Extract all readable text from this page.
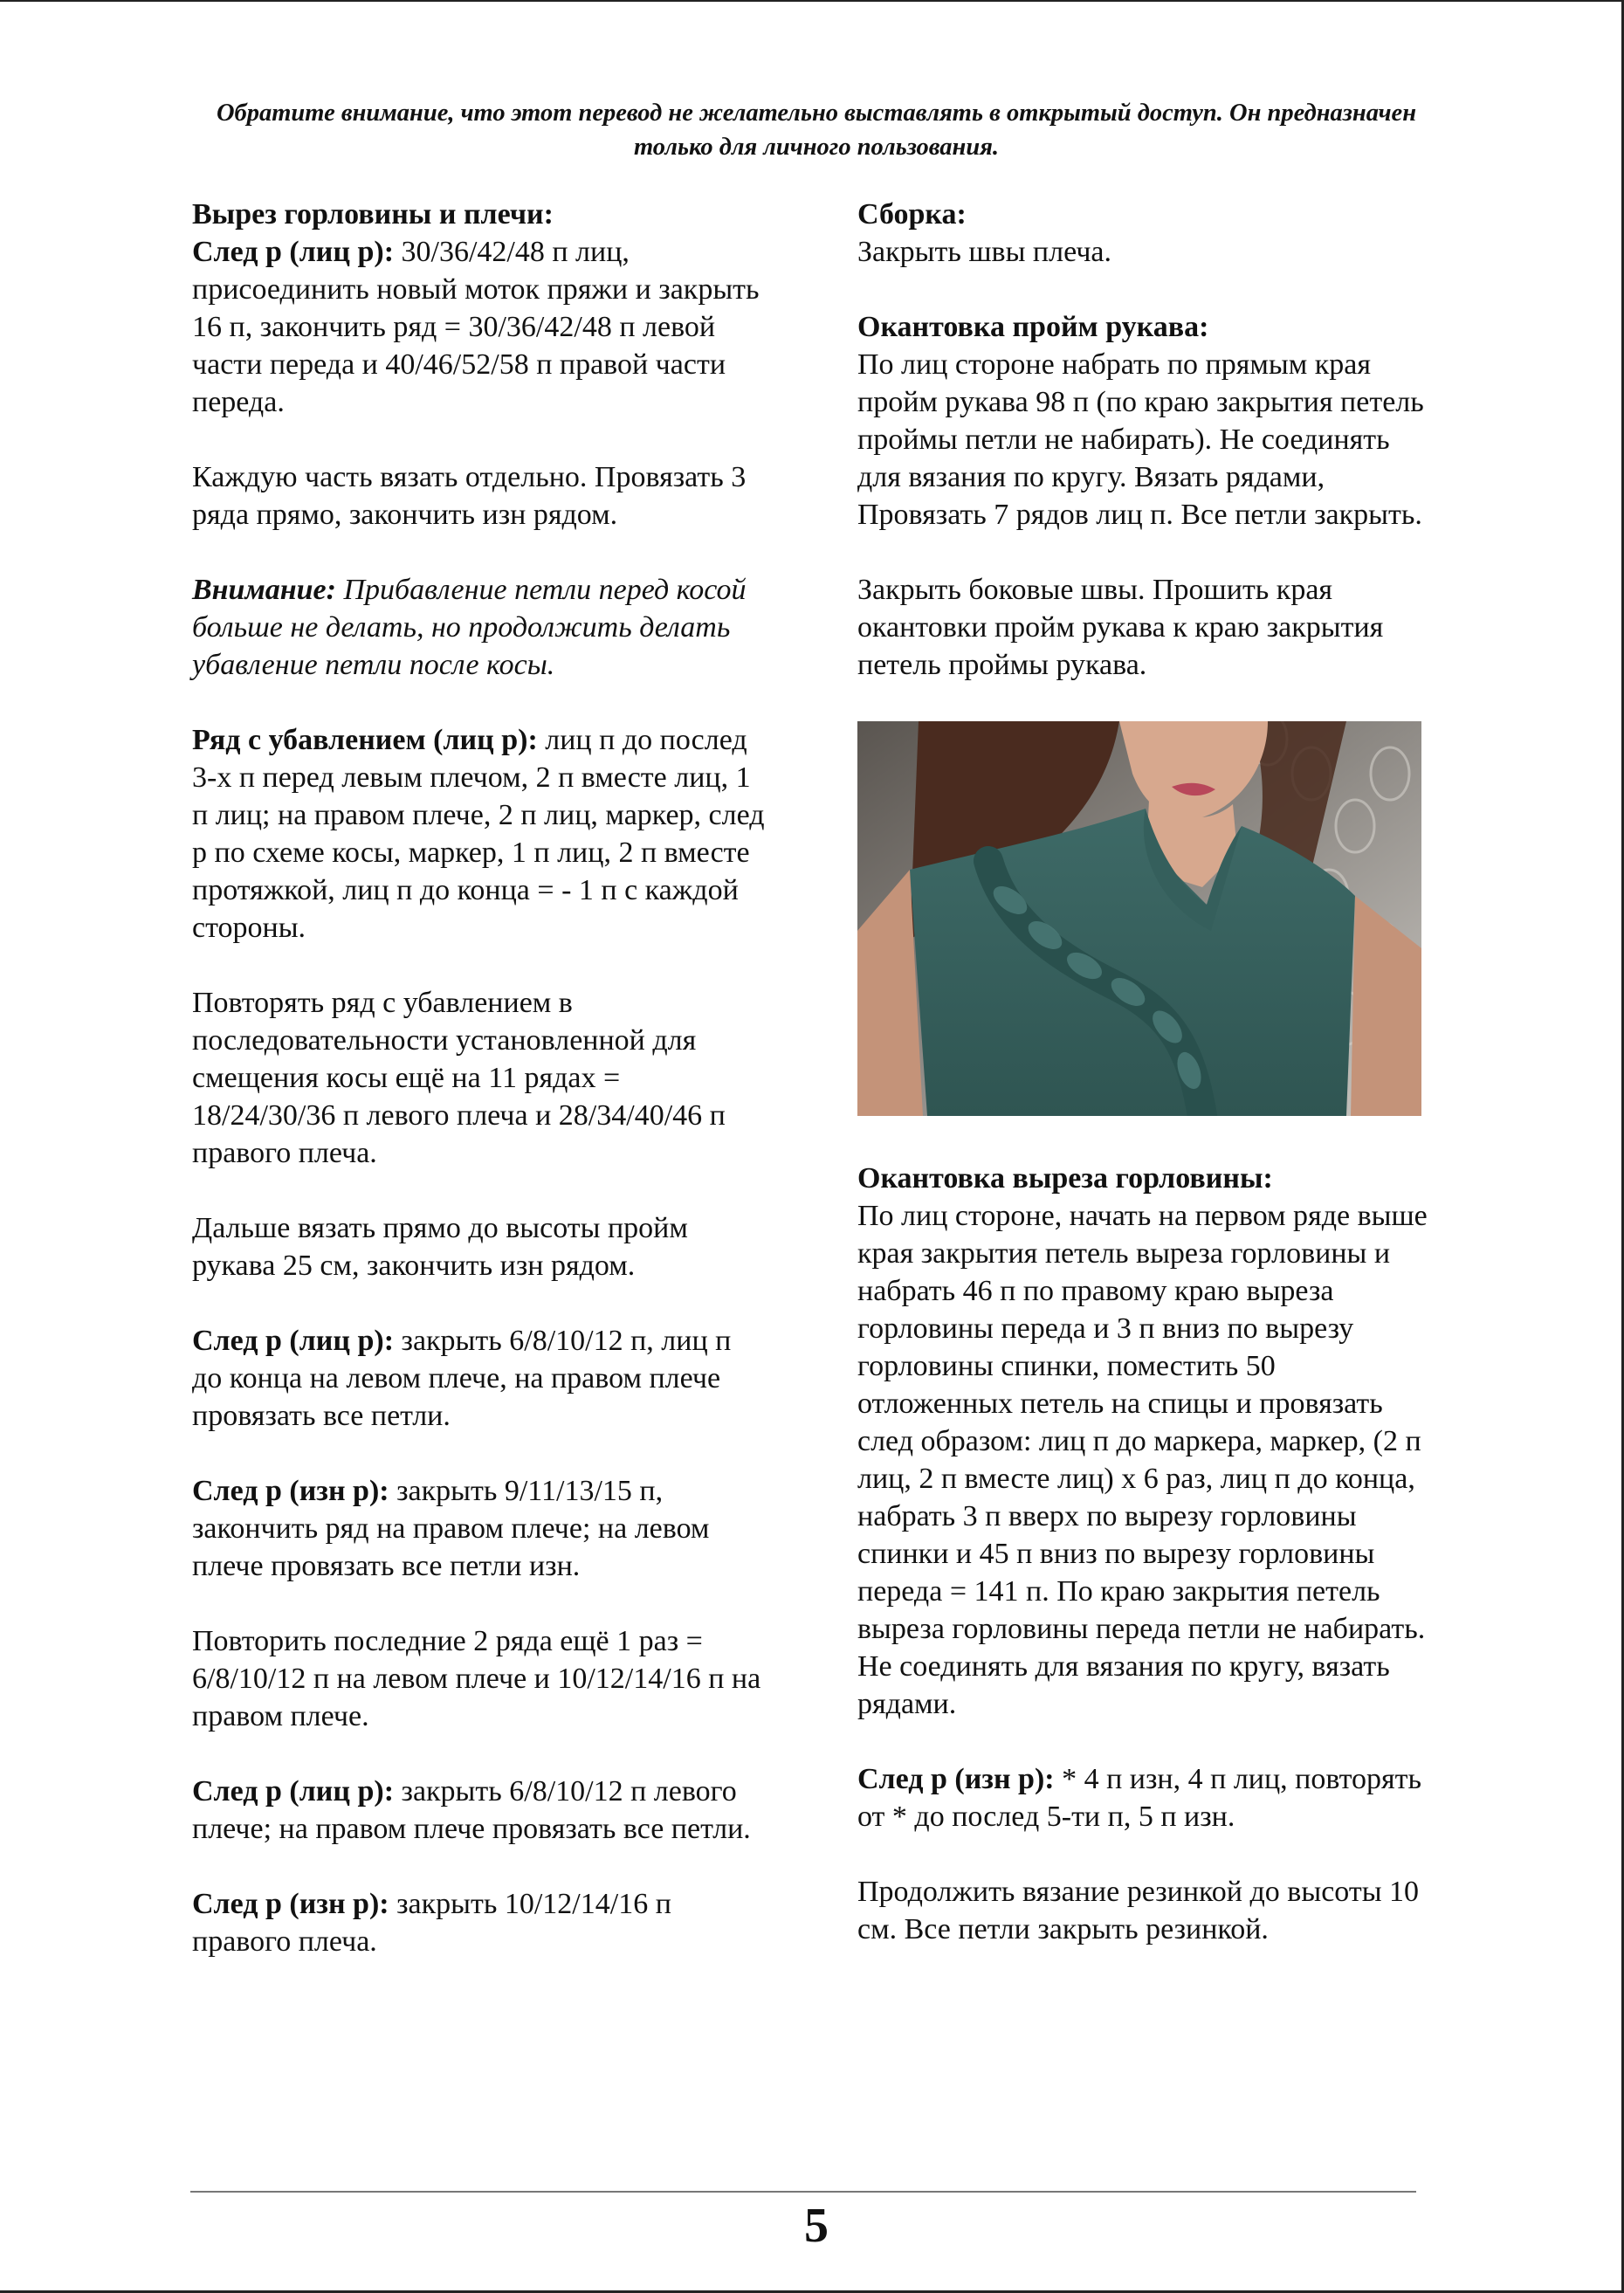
Обратите внимание, что этот перевод не желательно выставлять в открытый доступ. Он предназначен только для личного пользования.

Вырез горловины и плечи:

След р (лиц р): 30/36/42/48 п лиц, присоединить новый моток пряжи и закрыть 16 п, закончить ряд = 30/36/42/48 п левой части переда и 40/46/52/58 п правой части переда.

Каждую часть вязать отдельно. Провязать 3 ряда прямо, закончить изн рядом.

Внимание: Прибавление петли перед косой больше не делать, но продолжить делать убавление петли после косы.

Ряд с убавлением (лиц р): лиц п до послед 3-х п перед левым плечом, 2 п вместе лиц, 1 п лиц; на правом плече, 2 п лиц, маркер, след р по схеме косы, маркер, 1 п лиц, 2 п вместе протяжкой, лиц п до конца = - 1 п с каждой стороны.

Повторять ряд с убавлением в последовательности установленной для смещения косы ещё на 11 рядах = 18/24/30/36 п левого плеча и 28/34/40/46 п правого плеча.

Дальше вязать прямо до высоты пройм рукава 25 см, закончить изн рядом.

След р (лиц р): закрыть 6/8/10/12 п, лиц п до конца на левом плече, на правом плече провязать все петли.

След р (изн р): закрыть 9/11/13/15 п, закончить ряд на правом плече; на левом плече провязать все петли изн.

Повторить последние 2 ряда ещё 1 раз = 6/8/10/12 п на левом плече и 10/12/14/16 п на правом плече.

След р (лиц р): закрыть 6/8/10/12 п левого плече; на правом плече провязать все петли.

След р (изн р): закрыть 10/12/14/16 п правого плеча.

Сборка:

Закрыть швы плеча.

Окантовка пройм рукава:

По лиц стороне набрать по прямым края пройм рукава 98 п (по краю закрытия петель проймы петли не набирать). Не соединять для вязания по кругу. Вязать рядами, Провязать 7 рядов лиц п. Все петли закрыть.

Закрыть боковые швы. Прошить края окантовки пройм рукава к краю закрытия петель проймы рукава.

Окантовка выреза горловины:

По лиц стороне, начать на первом ряде выше края закрытия петель выреза горловины и набрать 46 п по правому краю выреза горловины переда и 3 п вниз по вырезу горловины спинки, поместить 50 отложенных петель на спицы и провязать след образом: лиц п до маркера, маркер, (2 п лиц, 2 п вместе лиц) х 6 раз, лиц п до конца, набрать 3 п вверх по вырезу горловины спинки и 45 п вниз по вырезу горловины переда = 141 п. По краю закрытия петель выреза горловины переда петли не набирать. Не соединять для вязания по кругу, вязать рядами.

След р (изн р): * 4 п изн, 4 п лиц, повторять от * до послед 5-ти п, 5 п изн.

Продолжить вязание резинкой до высоты 10 см. Все петли закрыть резинкой.

5
